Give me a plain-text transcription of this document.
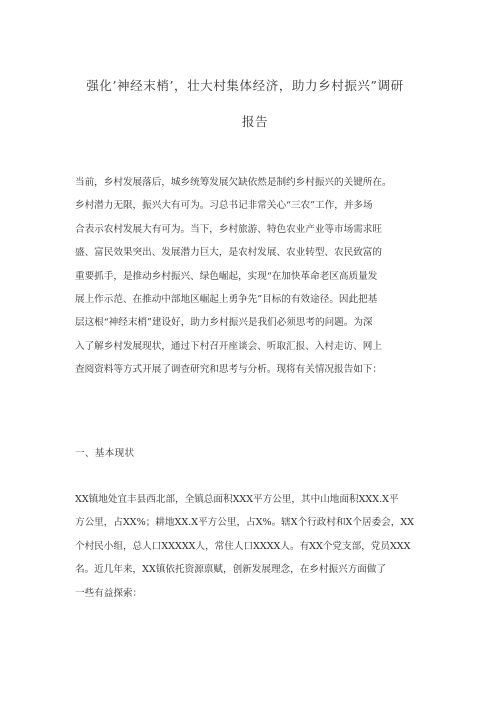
强化’神经末梢’，壮大村集体经济，助力乡村振兴”调研
报告
当前，乡村发展落后，城乡统筹发展欠缺依然是制约乡村振兴的关键所在。
乡村潜力无限，振兴大有可为。习总书记非常关心“三农”工作，并多场
合表示农村发展大有可为。当下，乡村旅游、特色农业产业等市场需求旺
盛、富民效果突出、发展潜力巨大，是农村发展、农业转型、农民致富的
重要抓手，是推动乡村振兴、绿色崛起，实现“在加快革命老区高质量发
展上作示范、在推动中部地区崛起上勇争先”目标的有效途径。因此把基
层这根“神经末梢”建设好，助力乡村振兴是我们必须思考的问题。为深
入了解乡村发展现状，通过下村召开座谈会、听取汇报、入村走访、网上
查阅资料等方式开展了调查研究和思考与分析。现将有关情况报告如下：
一、基本现状
XX镇地处宜丰县西北部，全镇总面积XXX平方公里，其中山地面积XXX.X平
方公里，占XX%；耕地XX.X平方公里，占X%。辖X个行政村和X个居委会，XX
个村民小组，总人口XXXXX人，常住人口XXXX人。有XX个党支部，党员XXX
名。近几年来，XX镇依托资源禀赋，创新发展理念，在乡村振兴方面做了
一些有益探索：
